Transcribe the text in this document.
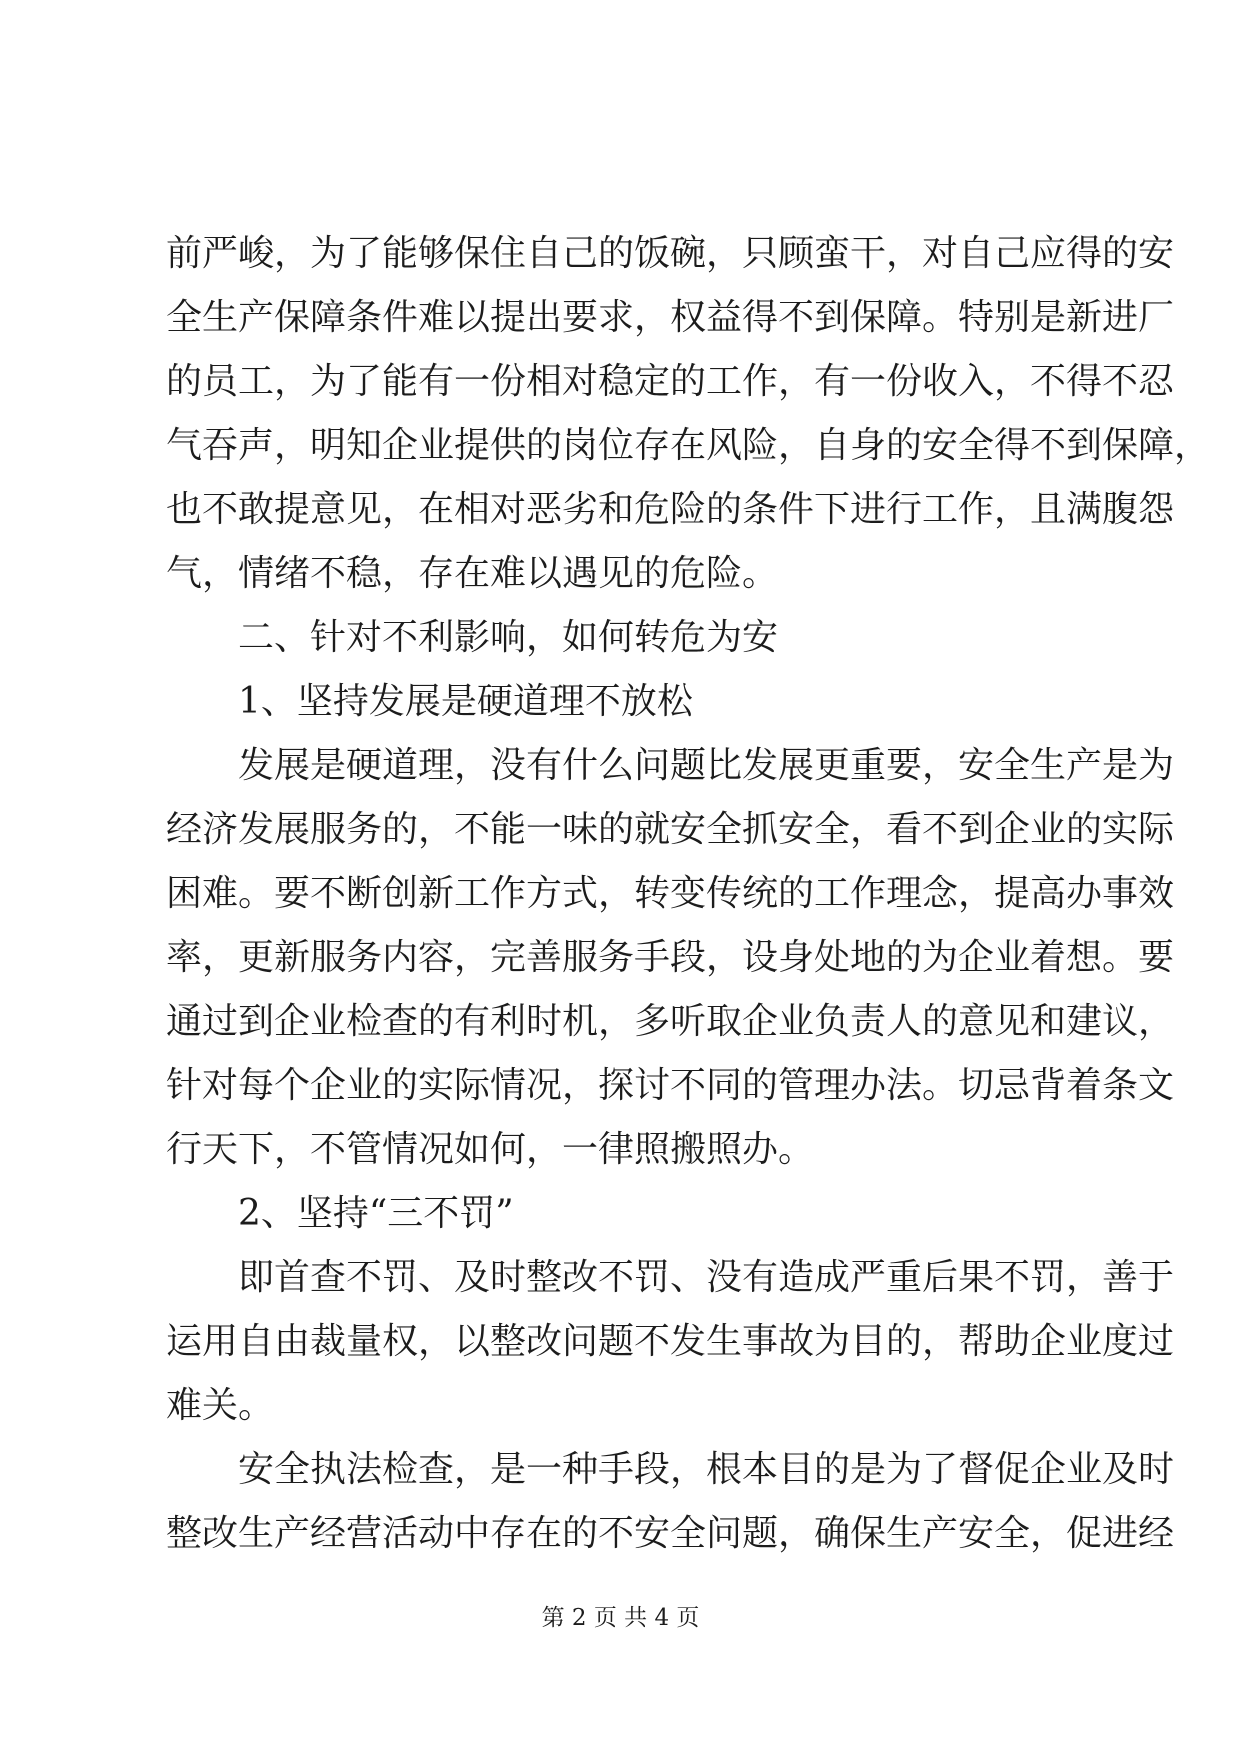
前严峻，为了能够保住自己的饭碗，只顾蛮干，对自己应得的安
全生产保障条件难以提出要求，权益得不到保障。特别是新进厂
的员工，为了能有一份相对稳定的工作，有一份收入，不得不忍
气吞声，明知企业提供的岗位存在风险，自身的安全得不到保障，
也不敢提意见，在相对恶劣和危险的条件下进行工作，且满腹怨
气，情绪不稳，存在难以遇见的危险。
二、针对不利影响，如何转危为安
1、坚持发展是硬道理不放松
发展是硬道理，没有什么问题比发展更重要，安全生产是为
经济发展服务的，不能一味的就安全抓安全，看不到企业的实际
困难。要不断创新工作方式，转变传统的工作理念，提高办事效
率，更新服务内容，完善服务手段，设身处地的为企业着想。要
通过到企业检查的有利时机，多听取企业负责人的意见和建议，
针对每个企业的实际情况，探讨不同的管理办法。切忌背着条文
行天下，不管情况如何，一律照搬照办。
2、坚持“三不罚”
即首查不罚、及时整改不罚、没有造成严重后果不罚，善于
运用自由裁量权，以整改问题不发生事故为目的，帮助企业度过
难关。
安全执法检查，是一种手段，根本目的是为了督促企业及时
整改生产经营活动中存在的不安全问题，确保生产安全，促进经
第 2 页 共 4 页
